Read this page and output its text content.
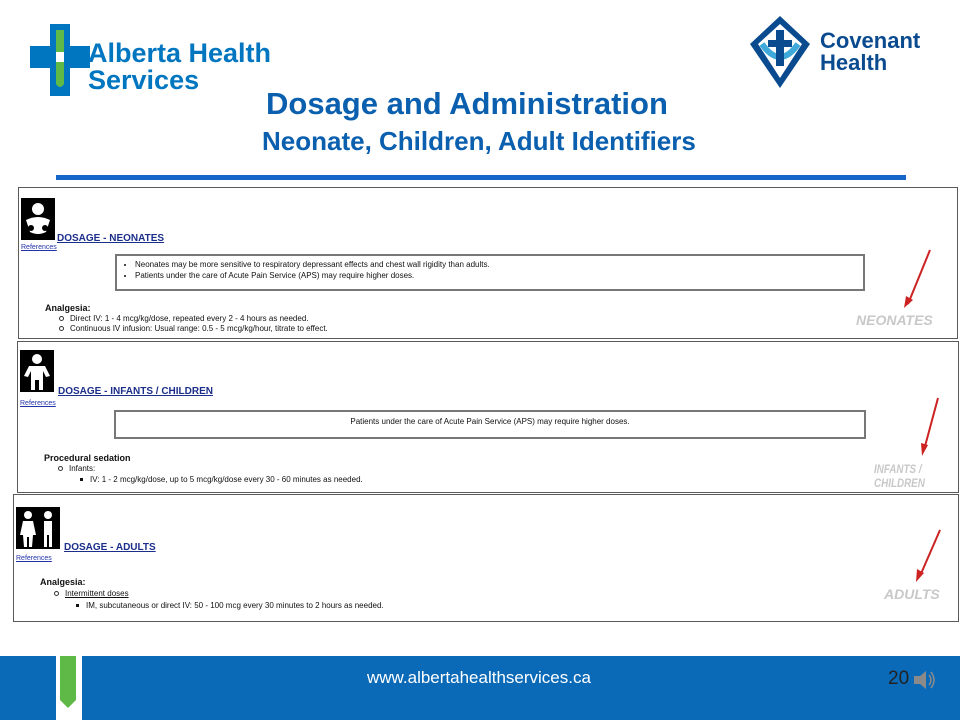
Alberta Health
Services
Covenant
Health
Dosage and Administration
Neonate, Children, Adult Identifiers
DOSAGE - NEONATES
References
• Neonates may be more sensitive to respiratory depressant effects and chest wall rigidity than adults.
• Patients under the care of Acute Pain Service (APS) may require higher doses.
Analgesia:
Direct IV: 1 - 4 mcg/kg/dose, repeated every 2 - 4 hours as needed.
Continuous IV infusion: Usual range: 0.5 - 5 mcg/kg/hour, titrate to effect.
DOSAGE - INFANTS / CHILDREN
References
Patients under the care of Acute Pain Service (APS) may require higher doses.
Procedural sedation
Infants:
IV: 1 - 2 mcg/kg/dose, up to 5 mcg/kg/dose every 30 - 60 minutes as needed.
DOSAGE - ADULTS
References
Analgesia:
Intermittent doses
IM, subcutaneous or direct IV: 50 - 100 mcg every 30 minutes to 2 hours as needed.
NEONATES
INFANTS / CHILDREN
ADULTS
www.albertahealthservices.ca	20
